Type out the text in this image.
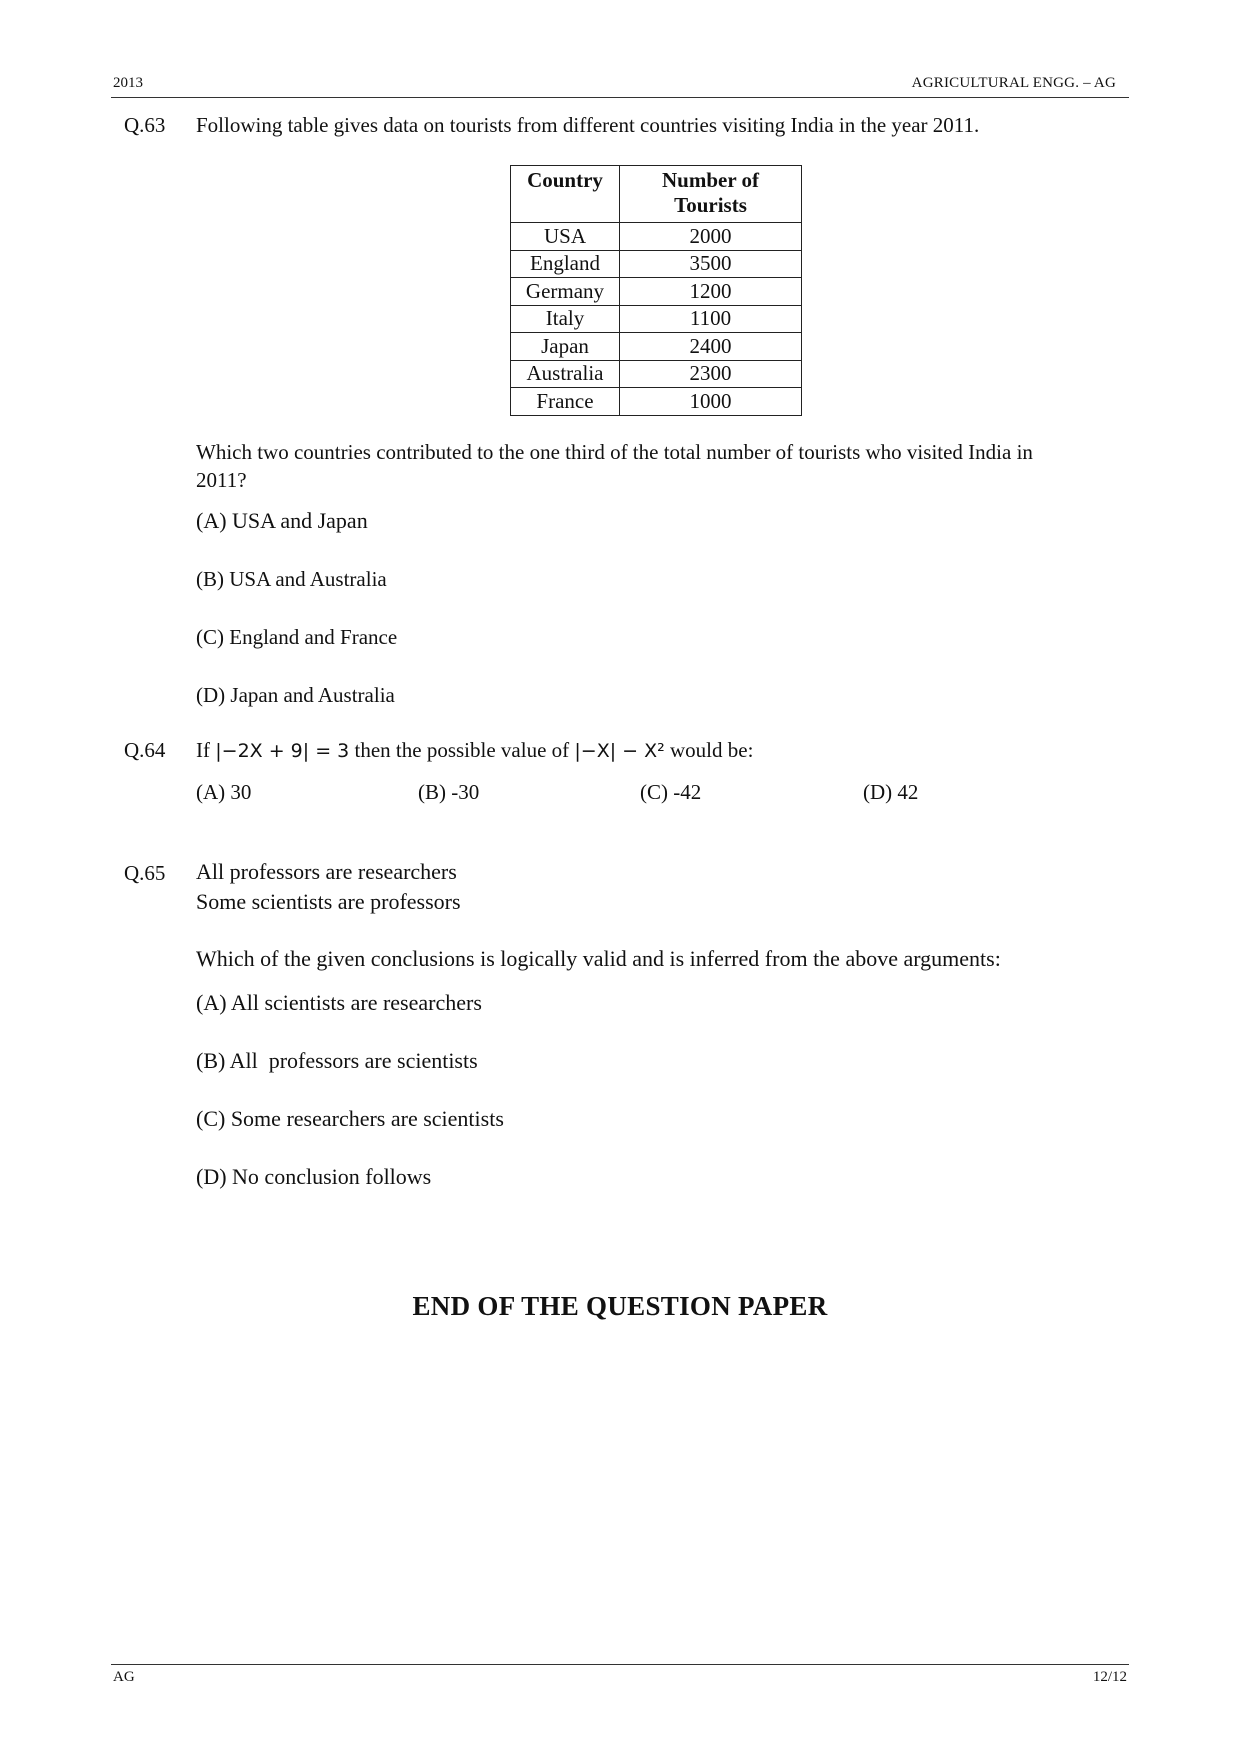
2013	AGRICULTURAL ENGG. – AG
Q.63 Following table gives data on tourists from different countries visiting India in the year 2011.
Country	Number of Tourists
USA	2000
England	3500
Germany	1200
Italy	1100
Japan	2400
Australia	2300
France	1000
Which two countries contributed to the one third of the total number of tourists who visited India in
2011?
(A) USA and Japan
(B) USA and Australia
(C) England and France
(D) Japan and Australia
Q.64 If |−2X + 9| = 3 then the possible value of |−X| − X² would be:
(A) 30	(B) -30	(C) -42	(D) 42
Q.65 All professors are researchers
Some scientists are professors
Which of the given conclusions is logically valid and is inferred from the above arguments:
(A) All scientists are researchers
(B) All  professors are scientists
(C) Some researchers are scientists
(D) No conclusion follows
END OF THE QUESTION PAPER
AG	12/12
